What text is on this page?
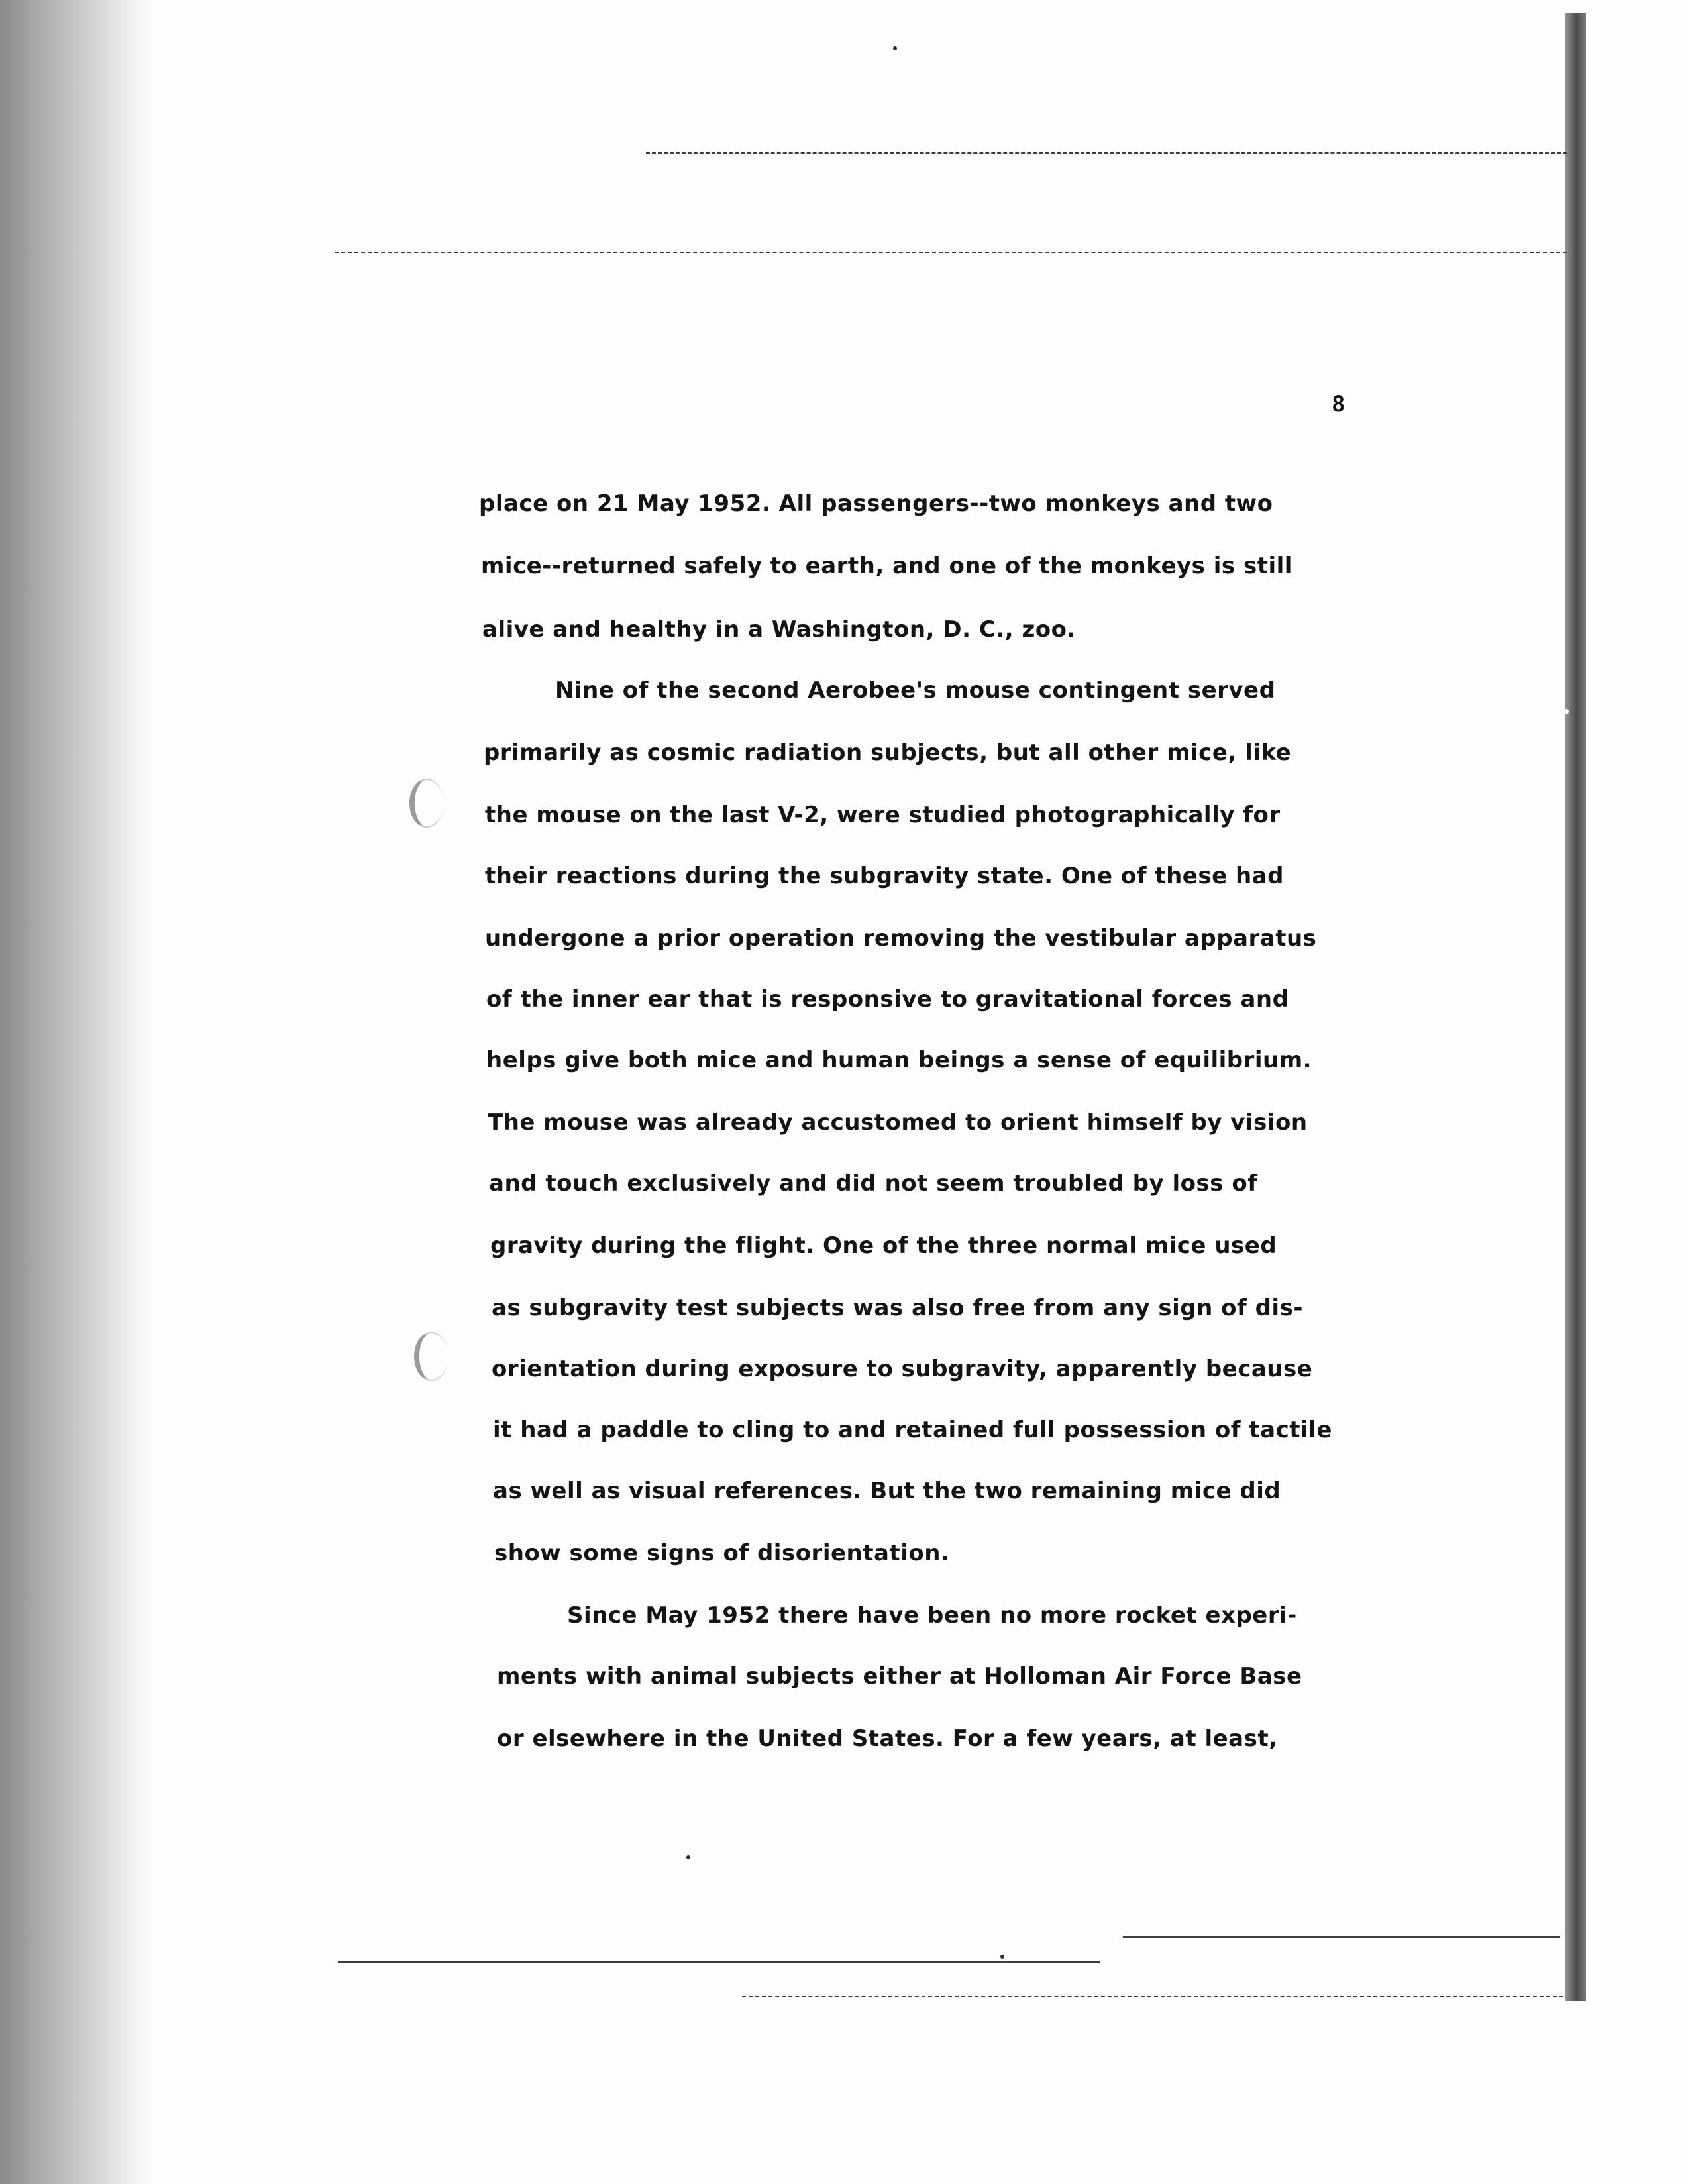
8
place on 21 May 1952. All passengers--two monkeys and two
mice--returned safely to earth, and one of the monkeys is still
alive and healthy in a Washington, D. C., zoo.
Nine of the second Aerobee's mouse contingent served
primarily as cosmic radiation subjects, but all other mice, like
the mouse on the last V-2, were studied photographically for
their reactions during the subgravity state. One of these had
undergone a prior operation removing the vestibular apparatus
of the inner ear that is responsive to gravitational forces and
helps give both mice and human beings a sense of equilibrium.
The mouse was already accustomed to orient himself by vision
and touch exclusively and did not seem troubled by loss of
gravity during the flight. One of the three normal mice used
as subgravity test subjects was also free from any sign of dis-
orientation during exposure to subgravity, apparently because
it had a paddle to cling to and retained full possession of tactile
as well as visual references. But the two remaining mice did
show some signs of disorientation.
Since May 1952 there have been no more rocket experi-
ments with animal subjects either at Holloman Air Force Base
or elsewhere in the United States. For a few years, at least,
